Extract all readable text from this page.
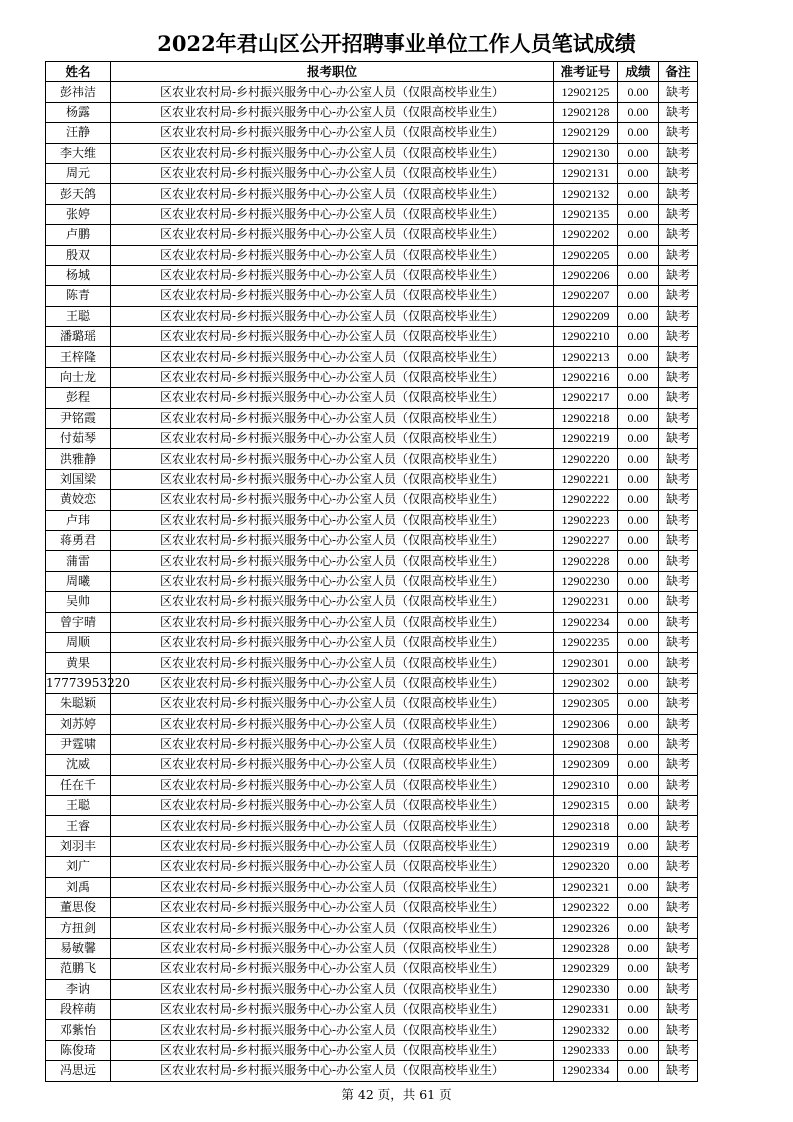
2022年君山区公开招聘事业单位工作人员笔试成绩
姓名	报考职位	准考证号	成绩	备注
彭祎洁	区农业农村局-乡村振兴服务中心-办公室人员（仅限高校毕业生）	12902125	0.00	缺考
杨露	区农业农村局-乡村振兴服务中心-办公室人员（仅限高校毕业生）	12902128	0.00	缺考
汪静	区农业农村局-乡村振兴服务中心-办公室人员（仅限高校毕业生）	12902129	0.00	缺考
李大维	区农业农村局-乡村振兴服务中心-办公室人员（仅限高校毕业生）	12902130	0.00	缺考
周元	区农业农村局-乡村振兴服务中心-办公室人员（仅限高校毕业生）	12902131	0.00	缺考
彭天鸽	区农业农村局-乡村振兴服务中心-办公室人员（仅限高校毕业生）	12902132	0.00	缺考
张婷	区农业农村局-乡村振兴服务中心-办公室人员（仅限高校毕业生）	12902135	0.00	缺考
卢鹏	区农业农村局-乡村振兴服务中心-办公室人员（仅限高校毕业生）	12902202	0.00	缺考
殷双	区农业农村局-乡村振兴服务中心-办公室人员（仅限高校毕业生）	12902205	0.00	缺考
杨城	区农业农村局-乡村振兴服务中心-办公室人员（仅限高校毕业生）	12902206	0.00	缺考
陈青	区农业农村局-乡村振兴服务中心-办公室人员（仅限高校毕业生）	12902207	0.00	缺考
王聪	区农业农村局-乡村振兴服务中心-办公室人员（仅限高校毕业生）	12902209	0.00	缺考
潘璐瑶	区农业农村局-乡村振兴服务中心-办公室人员（仅限高校毕业生）	12902210	0.00	缺考
王梓隆	区农业农村局-乡村振兴服务中心-办公室人员（仅限高校毕业生）	12902213	0.00	缺考
向士龙	区农业农村局-乡村振兴服务中心-办公室人员（仅限高校毕业生）	12902216	0.00	缺考
彭程	区农业农村局-乡村振兴服务中心-办公室人员（仅限高校毕业生）	12902217	0.00	缺考
尹铭霞	区农业农村局-乡村振兴服务中心-办公室人员（仅限高校毕业生）	12902218	0.00	缺考
付茹琴	区农业农村局-乡村振兴服务中心-办公室人员（仅限高校毕业生）	12902219	0.00	缺考
洪雅静	区农业农村局-乡村振兴服务中心-办公室人员（仅限高校毕业生）	12902220	0.00	缺考
刘国梁	区农业农村局-乡村振兴服务中心-办公室人员（仅限高校毕业生）	12902221	0.00	缺考
黄姣恋	区农业农村局-乡村振兴服务中心-办公室人员（仅限高校毕业生）	12902222	0.00	缺考
卢玮	区农业农村局-乡村振兴服务中心-办公室人员（仅限高校毕业生）	12902223	0.00	缺考
蒋勇君	区农业农村局-乡村振兴服务中心-办公室人员（仅限高校毕业生）	12902227	0.00	缺考
蒲雷	区农业农村局-乡村振兴服务中心-办公室人员（仅限高校毕业生）	12902228	0.00	缺考
周曦	区农业农村局-乡村振兴服务中心-办公室人员（仅限高校毕业生）	12902230	0.00	缺考
吴帅	区农业农村局-乡村振兴服务中心-办公室人员（仅限高校毕业生）	12902231	0.00	缺考
曾宇晴	区农业农村局-乡村振兴服务中心-办公室人员（仅限高校毕业生）	12902234	0.00	缺考
周顺	区农业农村局-乡村振兴服务中心-办公室人员（仅限高校毕业生）	12902235	0.00	缺考
黄果	区农业农村局-乡村振兴服务中心-办公室人员（仅限高校毕业生）	12902301	0.00	缺考
17773953220	区农业农村局-乡村振兴服务中心-办公室人员（仅限高校毕业生）	12902302	0.00	缺考
朱聪颖	区农业农村局-乡村振兴服务中心-办公室人员（仅限高校毕业生）	12902305	0.00	缺考
刘苏婷	区农业农村局-乡村振兴服务中心-办公室人员（仅限高校毕业生）	12902306	0.00	缺考
尹霆啸	区农业农村局-乡村振兴服务中心-办公室人员（仅限高校毕业生）	12902308	0.00	缺考
沈威	区农业农村局-乡村振兴服务中心-办公室人员（仅限高校毕业生）	12902309	0.00	缺考
任在千	区农业农村局-乡村振兴服务中心-办公室人员（仅限高校毕业生）	12902310	0.00	缺考
王聪	区农业农村局-乡村振兴服务中心-办公室人员（仅限高校毕业生）	12902315	0.00	缺考
王睿	区农业农村局-乡村振兴服务中心-办公室人员（仅限高校毕业生）	12902318	0.00	缺考
刘羽丰	区农业农村局-乡村振兴服务中心-办公室人员（仅限高校毕业生）	12902319	0.00	缺考
刘广	区农业农村局-乡村振兴服务中心-办公室人员（仅限高校毕业生）	12902320	0.00	缺考
刘禹	区农业农村局-乡村振兴服务中心-办公室人员（仅限高校毕业生）	12902321	0.00	缺考
董思俊	区农业农村局-乡村振兴服务中心-办公室人员（仅限高校毕业生）	12902322	0.00	缺考
方扭剑	区农业农村局-乡村振兴服务中心-办公室人员（仅限高校毕业生）	12902326	0.00	缺考
易敏馨	区农业农村局-乡村振兴服务中心-办公室人员（仅限高校毕业生）	12902328	0.00	缺考
范鹏飞	区农业农村局-乡村振兴服务中心-办公室人员（仅限高校毕业生）	12902329	0.00	缺考
李讷	区农业农村局-乡村振兴服务中心-办公室人员（仅限高校毕业生）	12902330	0.00	缺考
段梓萌	区农业农村局-乡村振兴服务中心-办公室人员（仅限高校毕业生）	12902331	0.00	缺考
邓紫怡	区农业农村局-乡村振兴服务中心-办公室人员（仅限高校毕业生）	12902332	0.00	缺考
陈俊琦	区农业农村局-乡村振兴服务中心-办公室人员（仅限高校毕业生）	12902333	0.00	缺考
冯思远	区农业农村局-乡村振兴服务中心-办公室人员（仅限高校毕业生）	12902334	0.00	缺考
第 42 页，共 61 页
